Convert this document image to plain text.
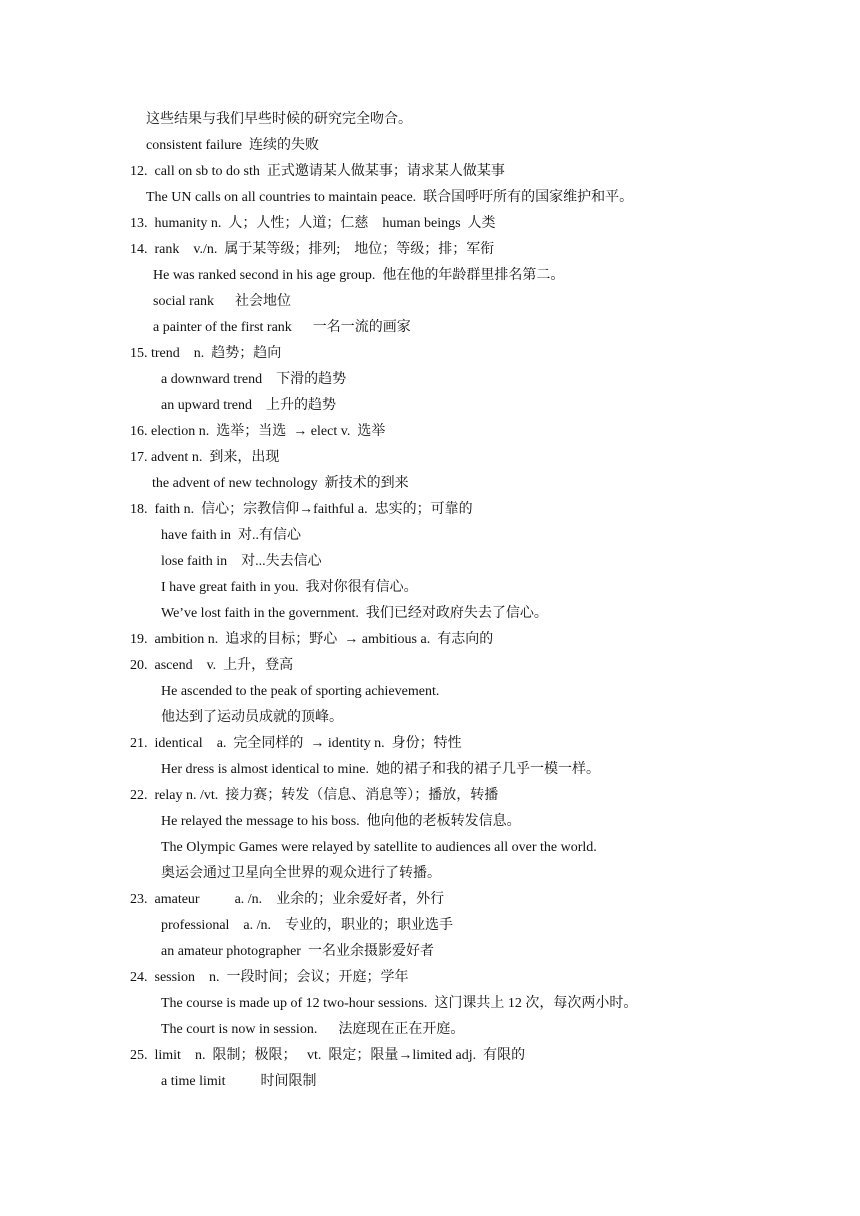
这些结果与我们早些时候的研究完全吻合。
consistent failure  连续的失败
12.  call on sb to do sth  正式邀请某人做某事；请求某人做某事
The UN calls on all countries to maintain peace.  联合国呼吁所有的国家维护和平。
13.  humanity n.  人；人性；人道；仁慈    human beings  人类
14.  rank    v./n.  属于某等级；排列;    地位；等级；排；军衔
He was ranked second in his age group.  他在他的年龄群里排名第二。
social rank      社会地位
a painter of the first rank      一名一流的画家
15. trend    n.  趋势；趋向
a downward trend    下滑的趋势
an upward trend    上升的趋势
16. election n.  选举；当选  → elect v.  选举
17. advent n.  到来，出现
the advent of new technology  新技术的到来
18.  faith n.  信心；宗教信仰→faithful a.  忠实的；可靠的
have faith in  对..有信心
lose faith in    对...失去信心
I have great faith in you.  我对你很有信心。
We’ve lost faith in the government.  我们已经对政府失去了信心。
19.  ambition n.  追求的目标；野心  → ambitious a.  有志向的
20.  ascend    v.  上升，登高
He ascended to the peak of sporting achievement.
他达到了运动员成就的顶峰。
21.  identical    a.  完全同样的  → identity n.  身份；特性
Her dress is almost identical to mine.  她的裙子和我的裙子几乎一模一样。
22.  relay n. /vt.  接力赛；转发（信息、消息等）；播放，转播
He relayed the message to his boss.  他向他的老板转发信息。
The Olympic Games were relayed by satellite to audiences all over the world.
奥运会通过卫星向全世界的观众进行了转播。
23.  amateur          a. /n.    业余的；业余爱好者，外行
professional    a. /n.    专业的，职业的；职业选手
an amateur photographer  一名业余摄影爱好者
24.  session    n.  一段时间；会议；开庭；学年
The course is made up of 12 two-hour sessions.  这门课共上 12 次，每次两小时。
The court is now in session.      法庭现在正在开庭。
25.  limit    n.  限制；极限；   vt.  限定；限量→limited adj.  有限的
a time limit          时间限制
